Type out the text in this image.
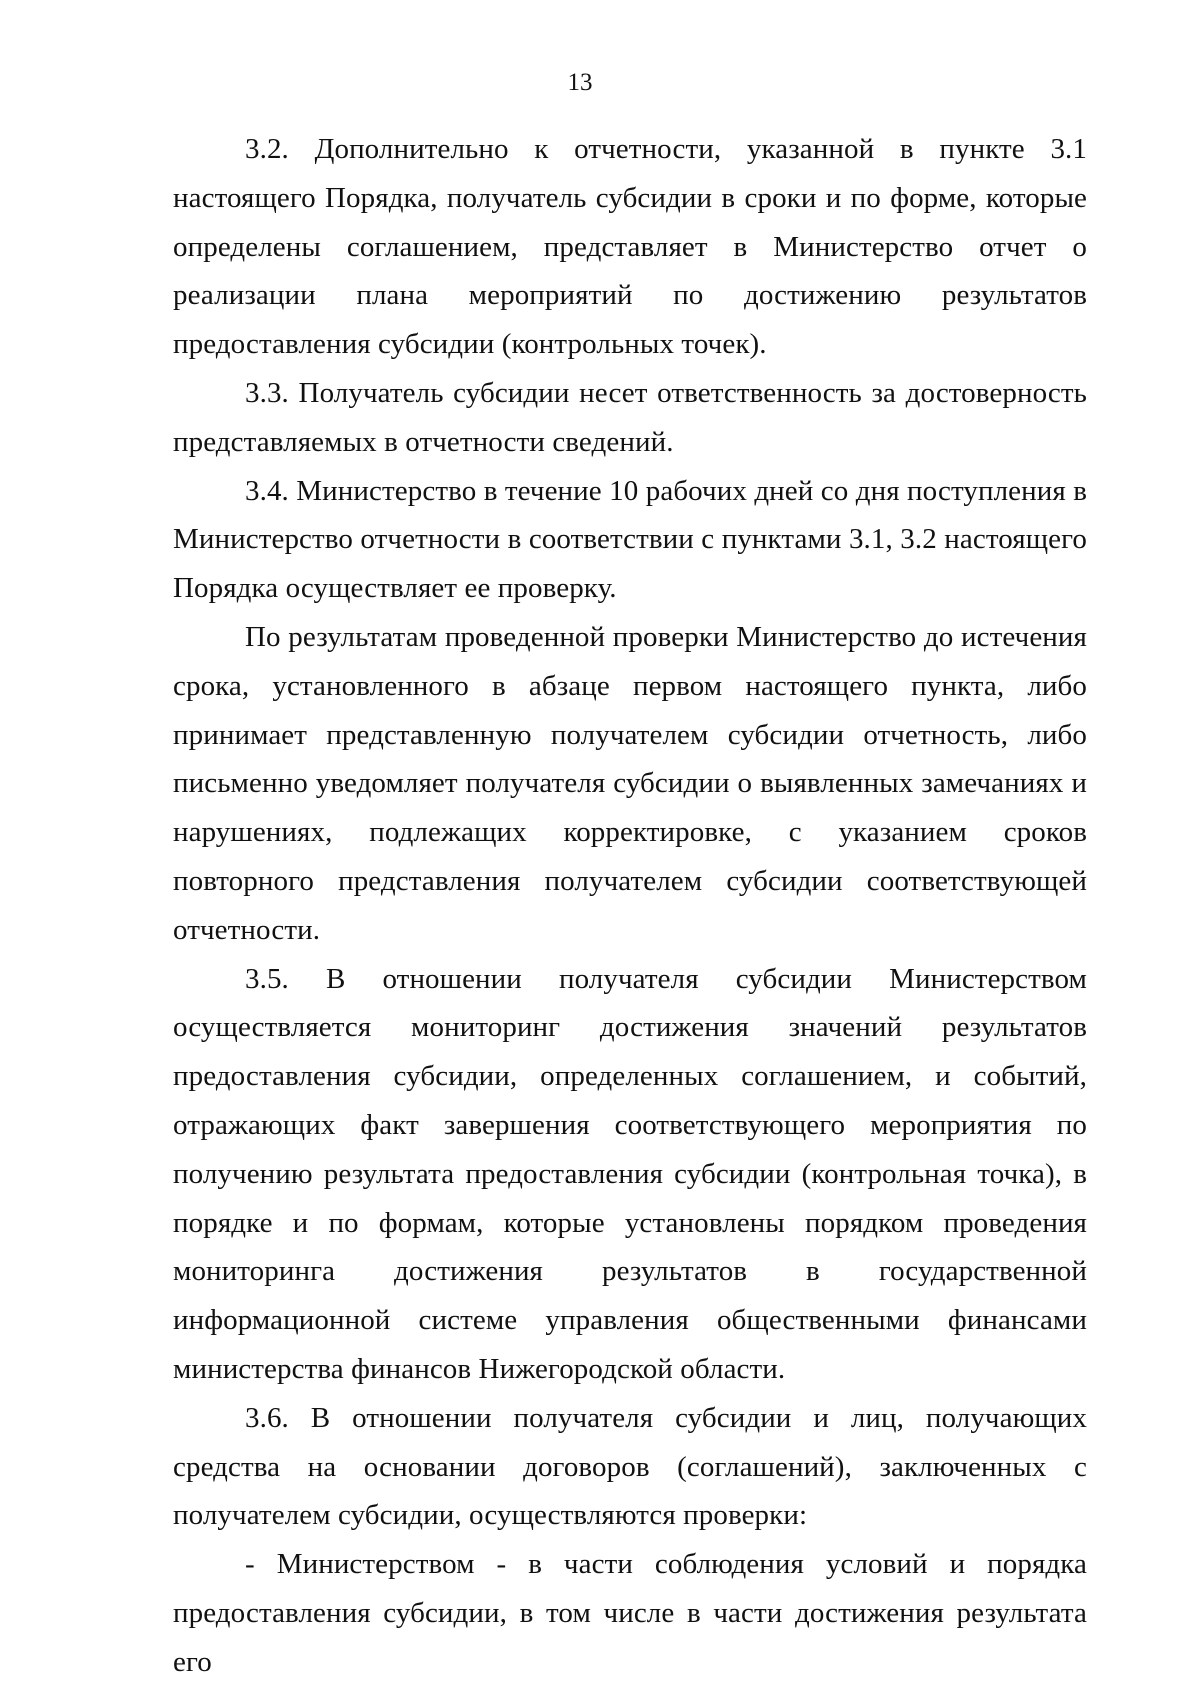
13

3.2. Дополнительно к отчетности, указанной в пункте 3.1 настоящего Порядка, получатель субсидии в сроки и по форме, которые определены соглашением, представляет в Министерство отчет о реализации плана мероприятий по достижению результатов предоставления субсидии (контрольных точек).

3.3. Получатель субсидии несет ответственность за достоверность представляемых в отчетности сведений.

3.4. Министерство в течение 10 рабочих дней со дня поступления в Министерство отчетности в соответствии с пунктами 3.1, 3.2 настоящего Порядка осуществляет ее проверку.

По результатам проведенной проверки Министерство до истечения срока, установленного в абзаце первом настоящего пункта, либо принимает представленную получателем субсидии отчетность, либо письменно уведомляет получателя субсидии о выявленных замечаниях и нарушениях, подлежащих корректировке, с указанием сроков повторного представления получателем субсидии соответствующей отчетности.

3.5. В отношении получателя субсидии Министерством осуществляется мониторинг достижения значений результатов предоставления субсидии, определенных соглашением, и событий, отражающих факт завершения соответствующего мероприятия по получению результата предоставления субсидии (контрольная точка), в порядке и по формам, которые установлены порядком проведения мониторинга достижения результатов в государственной информационной системе управления общественными финансами министерства финансов Нижегородской области.

3.6. В отношении получателя субсидии и лиц, получающих средства на основании договоров (соглашений), заключенных с получателем субсидии, осуществляются проверки:

- Министерством - в части соблюдения условий и порядка предоставления субсидии, в том числе в части достижения результата его
